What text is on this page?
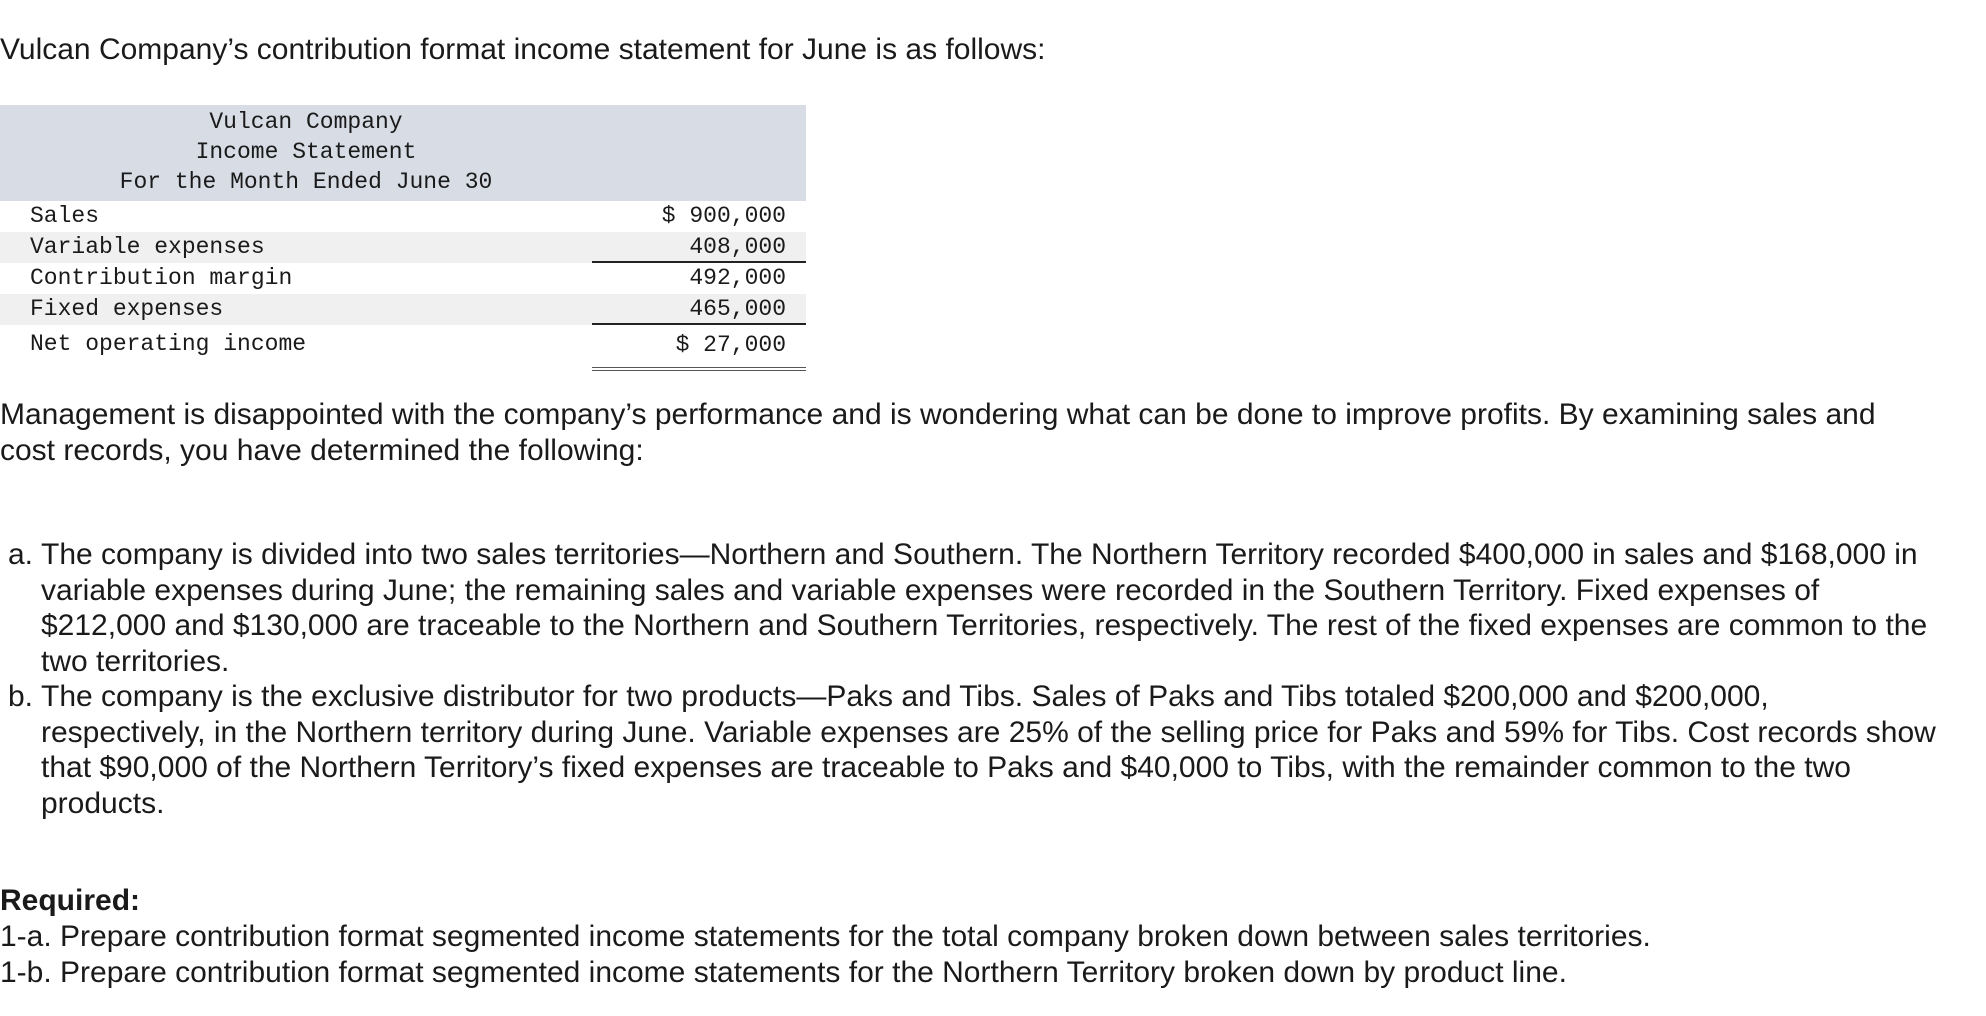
Vulcan Company’s contribution format income statement for June is as follows:
Vulcan Company
Income Statement
For the Month Ended June 30
Sales	$ 900,000
Variable expenses	408,000
Contribution margin	492,000
Fixed expenses	465,000
Net operating income	$ 27,000
Management is disappointed with the company’s performance and is wondering what can be done to improve profits. By examining sales and cost records, you have determined the following:
a. The company is divided into two sales territories—Northern and Southern. The Northern Territory recorded $400,000 in sales and $168,000 in variable expenses during June; the remaining sales and variable expenses were recorded in the Southern Territory. Fixed expenses of $212,000 and $130,000 are traceable to the Northern and Southern Territories, respectively. The rest of the fixed expenses are common to the two territories.
b. The company is the exclusive distributor for two products—Paks and Tibs. Sales of Paks and Tibs totaled $200,000 and $200,000, respectively, in the Northern territory during June. Variable expenses are 25% of the selling price for Paks and 59% for Tibs. Cost records show that $90,000 of the Northern Territory’s fixed expenses are traceable to Paks and $40,000 to Tibs, with the remainder common to the two products.
Required:
1-a. Prepare contribution format segmented income statements for the total company broken down between sales territories.
1-b. Prepare contribution format segmented income statements for the Northern Territory broken down by product line.
